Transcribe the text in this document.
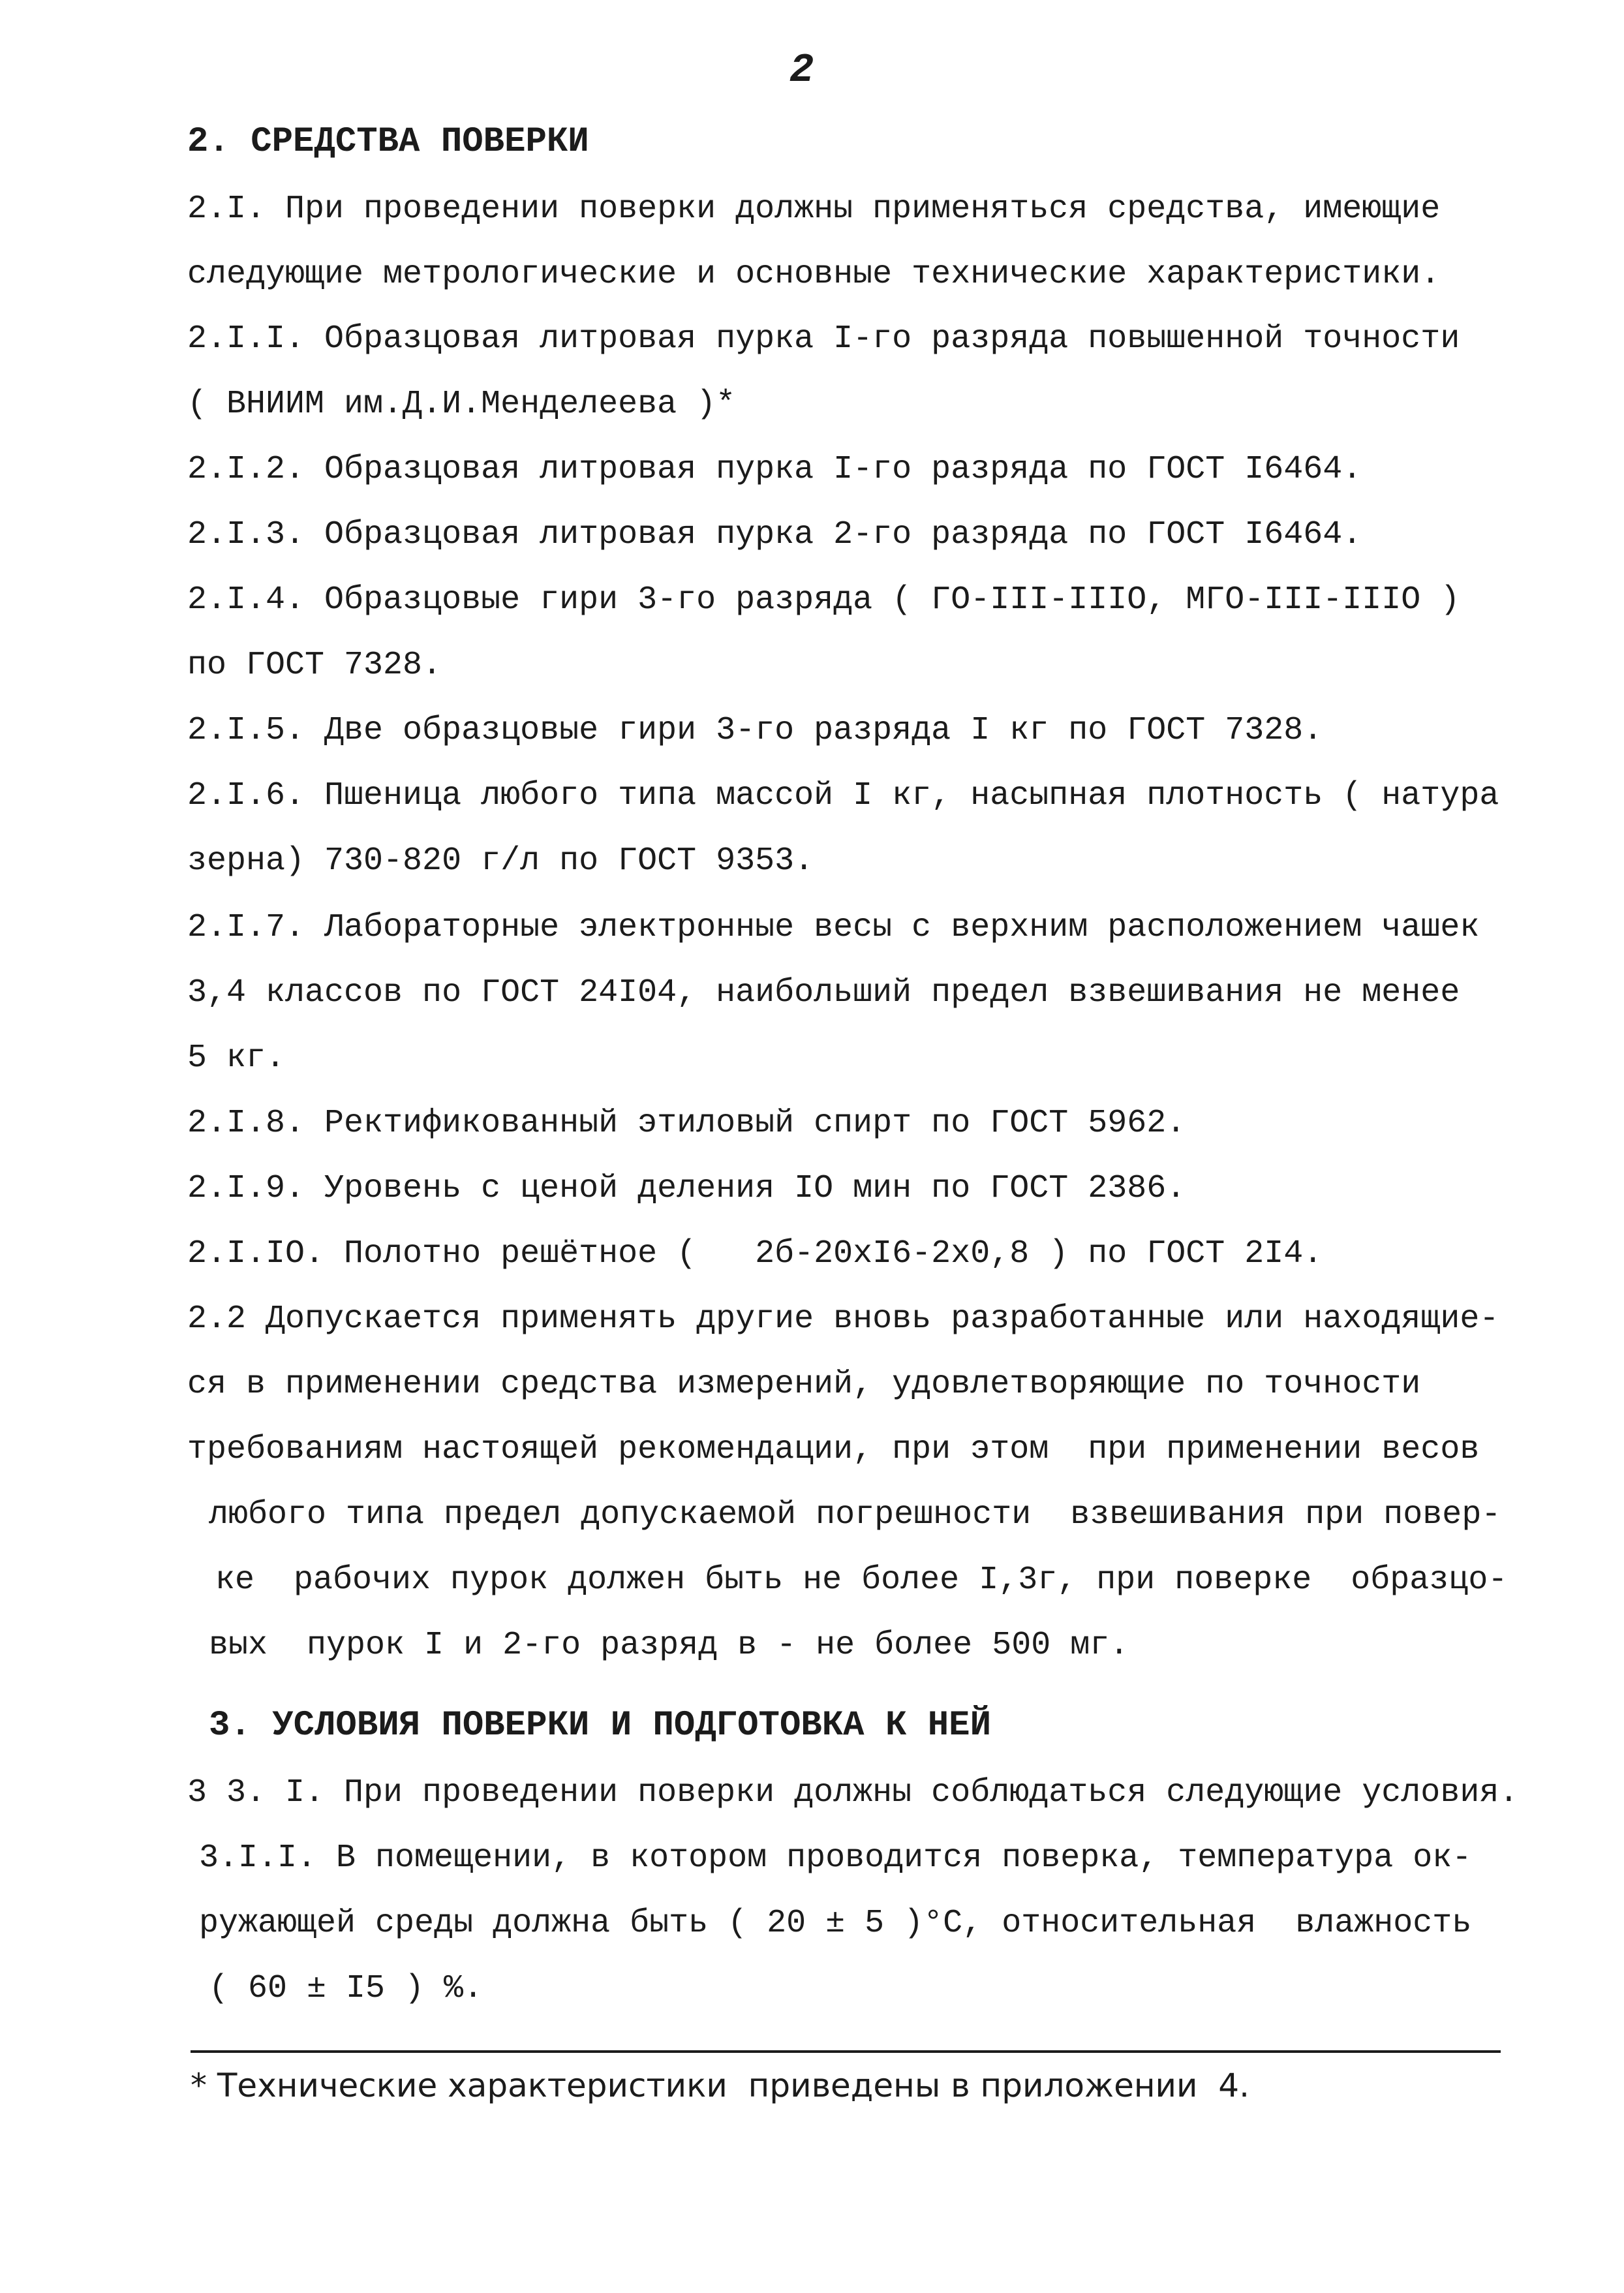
2
2. СРЕДСТВА ПОВЕРКИ
2.I. При проведении поверки должны применяться средства, имеющие
следующие метрологические и основные технические характеристики.
2.I.I. Образцовая литровая пурка I-го разряда повышенной точности
( ВНИИМ им.Д.И.Менделеева )*
2.I.2. Образцовая литровая пурка I-го разряда по ГОСТ I6464.
2.I.3. Образцовая литровая пурка 2-го разряда по ГОСТ I6464.
2.I.4. Образцовые гири 3-го разряда ( ГО-III-IIIO, МГО-III-IIIO )
по ГОСТ 7328.
2.I.5. Две образцовые гири 3-го разряда I кг по ГОСТ 7328.
2.I.6. Пшеница любого типа массой I кг, насыпная плотность ( натура
зерна) 730-820 г/л по ГОСТ 9353.
2.I.7. Лабораторные электронные весы с верхним расположением чашек
3,4 классов по ГОСТ 24I04, наибольший предел взвешивания не менее
5 кг.
2.I.8. Ректификованный этиловый спирт по ГОСТ 5962.
2.I.9. Уровень с ценой деления IO мин по ГОСТ 2386.
2.I.IO. Полотно решётное (   2б-20хI6-2х0,8 ) по ГОСТ 2I4.
2.2 Допускается применять другие вновь разработанные или находящие-
ся в применении средства измерений, удовлетворяющие по точности
требованиям настоящей рекомендации, при этом  при применении весов
любого типа предел допускаемой погрешности  взвешивания при повер-
ке  рабочих пурок должен быть не более I,3г, при поверке  образцо-
вых  пурок I и 2-го разряд в - не более 500 мг.
3. УСЛОВИЯ ПОВЕРКИ И ПОДГОТОВКА К НЕЙ
3 3. I. При проведении поверки должны соблюдаться следующие условия.
3.I.I. В помещении, в котором проводится поверка, температура ок-
ружающей среды должна быть ( 20 ± 5 )°С, относительная  влажность
( 60 ± I5 ) %.
* Технические характеристики  приведены в приложении  4.
